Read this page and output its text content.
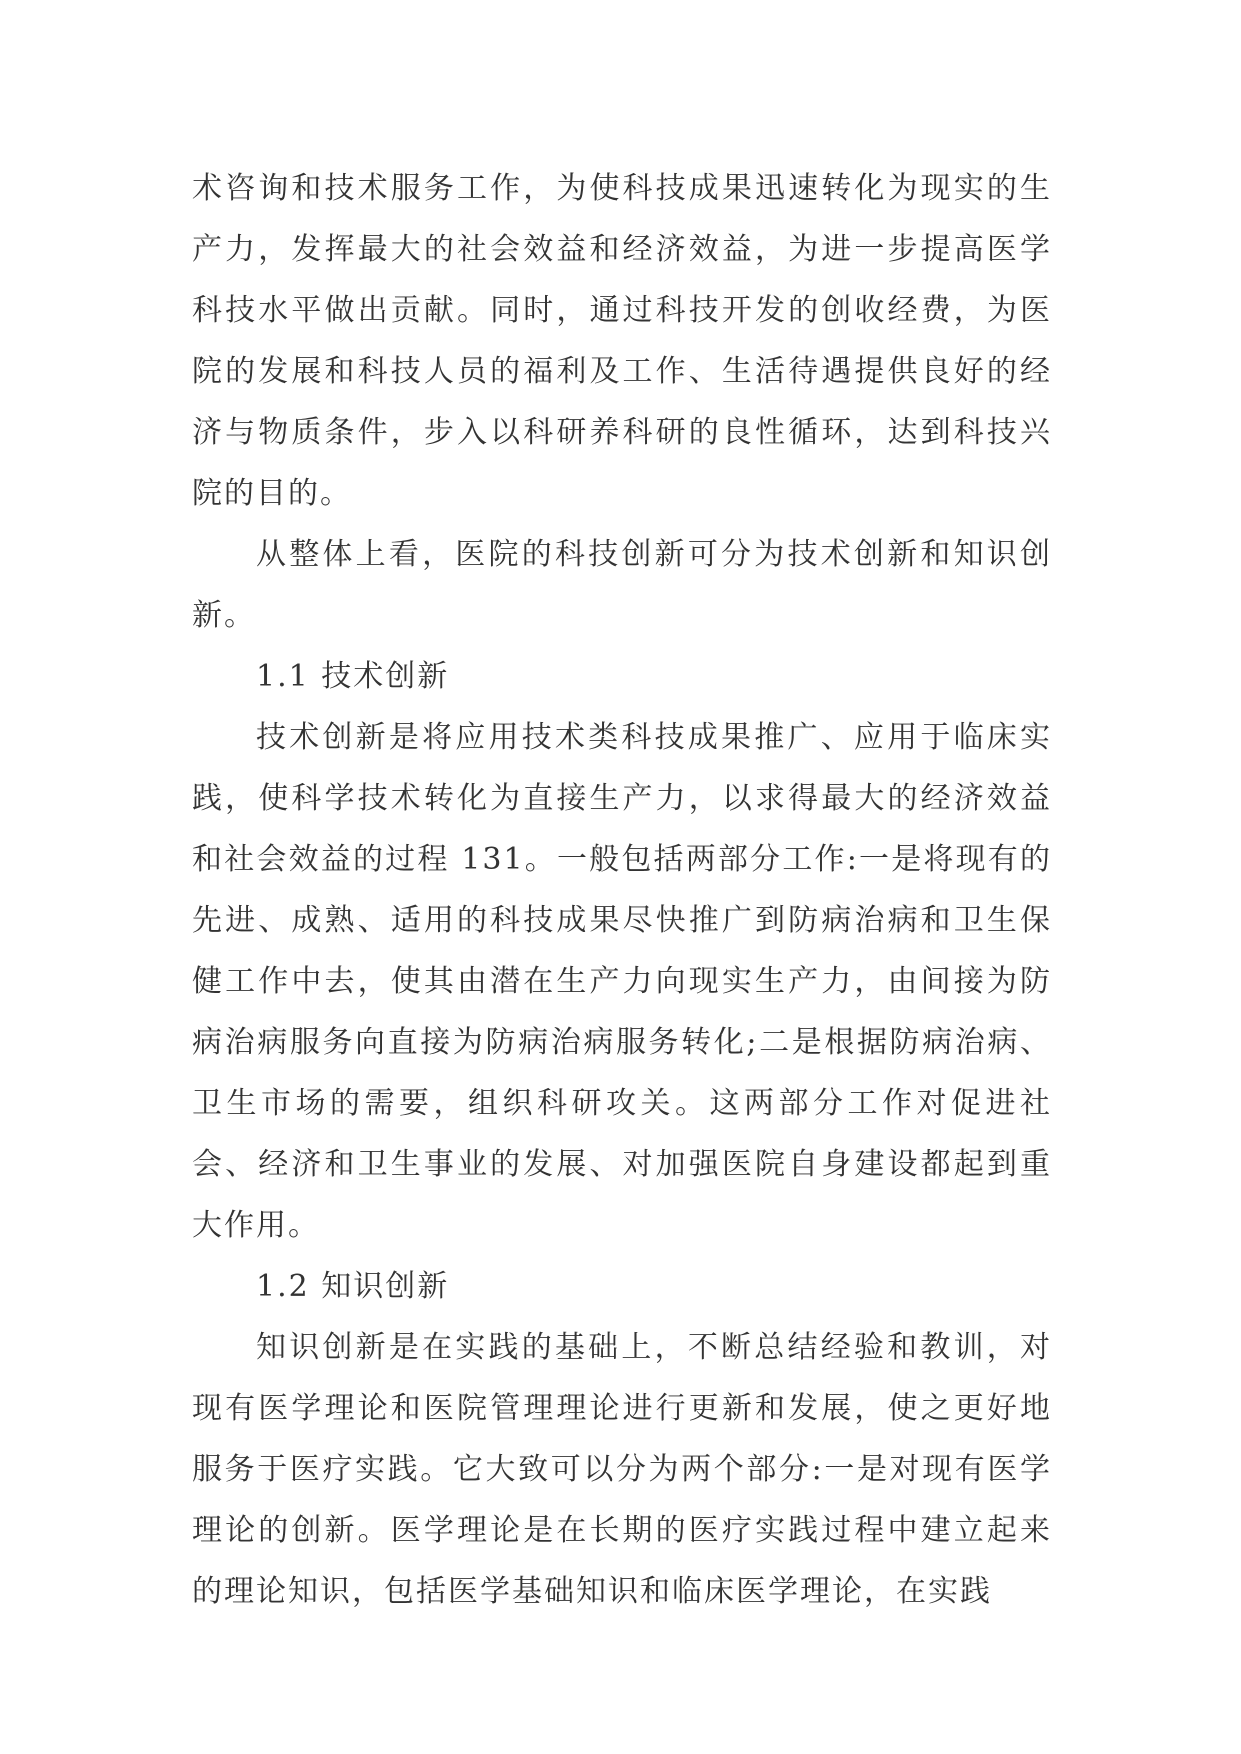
术咨询和技术服务工作，为使科技成果迅速转化为现实的生产力，发挥最大的社会效益和经济效益，为进一步提高医学科技水平做出贡献。同时，通过科技开发的创收经费，为医院的发展和科技人员的福利及工作、生活待遇提供良好的经济与物质条件，步入以科研养科研的良性循环，达到科技兴院的目的。

从整体上看，医院的科技创新可分为技术创新和知识创新。

1.1 技术创新

技术创新是将应用技术类科技成果推广、应用于临床实践，使科学技术转化为直接生产力，以求得最大的经济效益和社会效益的过程 131。一般包括两部分工作:一是将现有的先进、成熟、适用的科技成果尽快推广到防病治病和卫生保健工作中去，使其由潜在生产力向现实生产力，由间接为防病治病服务向直接为防病治病服务转化;二是根据防病治病、卫生市场的需要，组织科研攻关。这两部分工作对促进社会、经济和卫生事业的发展、对加强医院自身建设都起到重大作用。

1.2 知识创新

知识创新是在实践的基础上，不断总结经验和教训，对现有医学理论和医院管理理论进行更新和发展，使之更好地服务于医疗实践。它大致可以分为两个部分:一是对现有医学理论的创新。医学理论是在长期的医疗实践过程中建立起来的理论知识，包括医学基础知识和临床医学理论，在实践
